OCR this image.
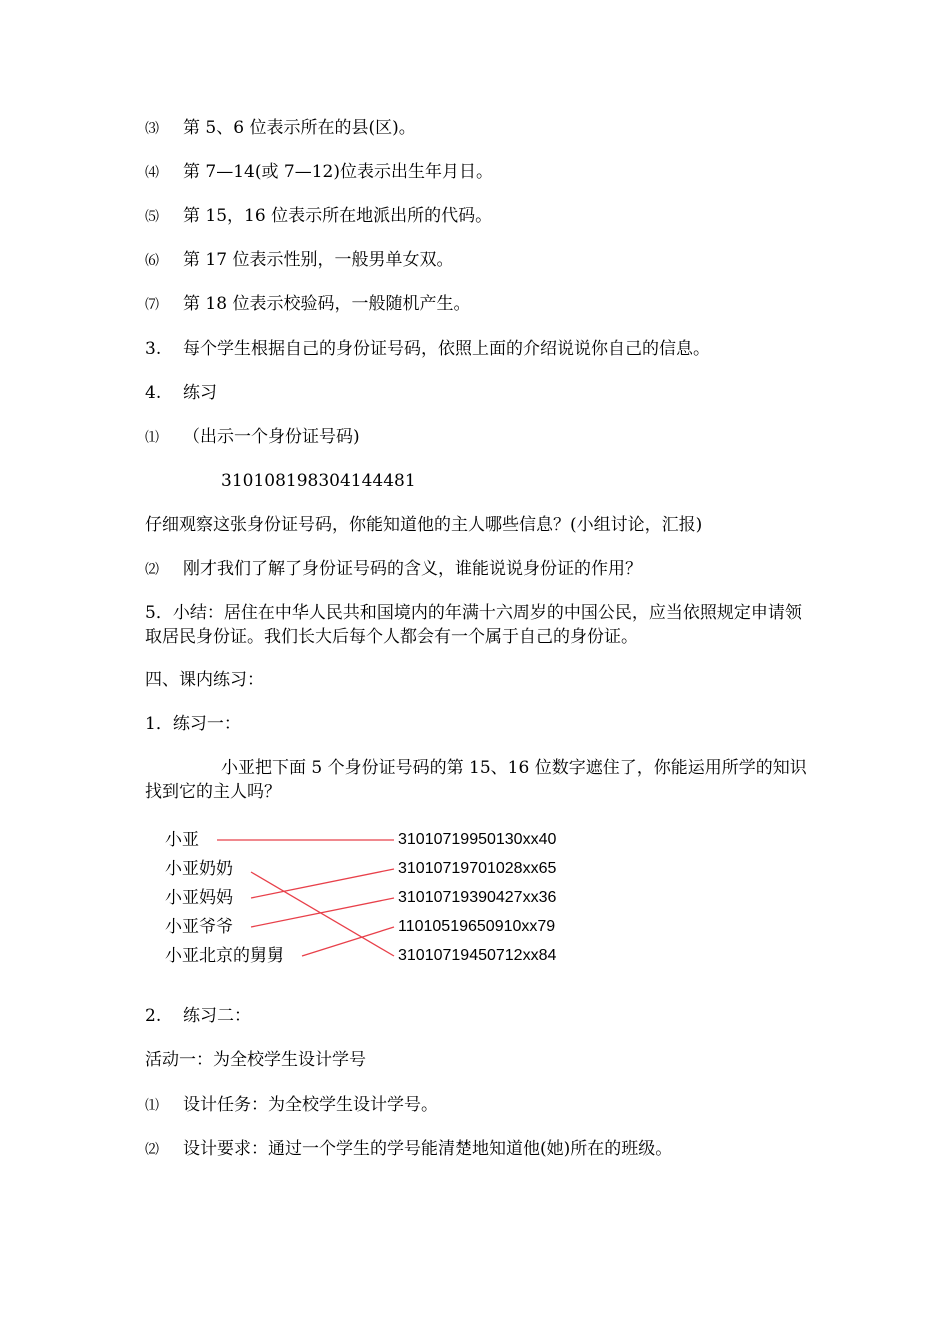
⑶ 第 5、6 位表示所在的县(区)。
⑷ 第 7—14(或 7—12)位表示出生年月日。
⑸ 第 15，16 位表示所在地派出所的代码。
⑹ 第 17 位表示性别，一般男单女双。
⑺ 第 18 位表示校验码，一般随机产生。
3. 每个学生根据自己的身份证号码，依照上面的介绍说说你自己的信息。
4. 练习
⑴ （出示一个身份证号码)
310108198304144481
仔细观察这张身份证号码，你能知道他的主人哪些信息？(小组讨论，汇报)
⑵ 刚才我们了解了身份证号码的含义，谁能说说身份证的作用？
5．小结：居住在中华人民共和国境内的年满十六周岁的中国公民，应当依照规定申请领取居民身份证。我们长大后每个人都会有一个属于自己的身份证。
四、课内练习：
1．练习一：
小亚把下面 5 个身份证号码的第 15、16 位数字遮住了，你能运用所学的知识找到它的主人吗？
小亚
小亚奶奶
小亚妈妈
小亚爷爷
小亚北京的舅舅
31010719950130xx40
31010719701028xx65
31010719390427xx36
11010519650910xx79
31010719450712xx84
2. 练习二：
活动一：为全校学生设计学号
⑴ 设计任务：为全校学生设计学号。
⑵ 设计要求：通过一个学生的学号能清楚地知道他(她)所在的班级。
